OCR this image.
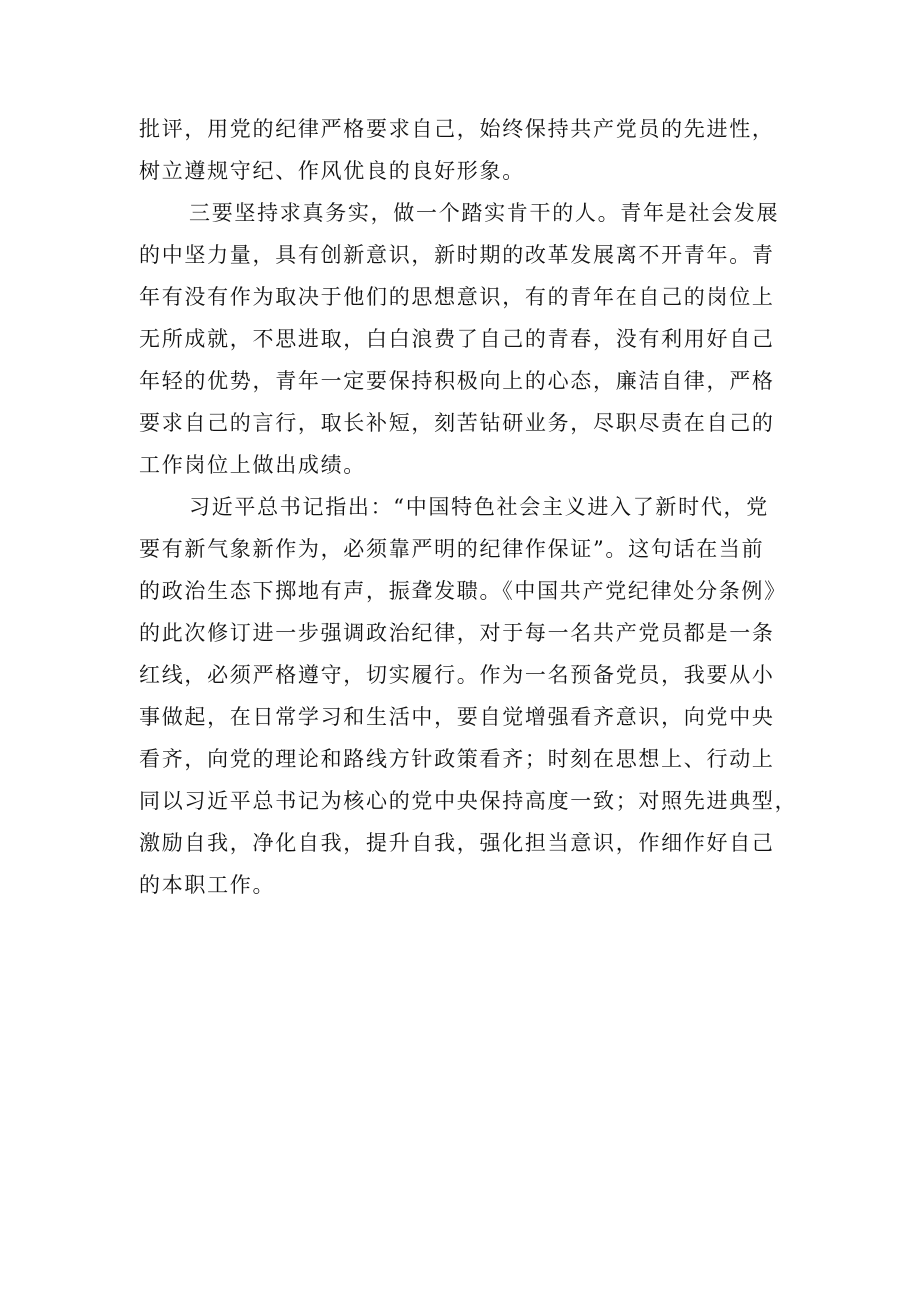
批评，用党的纪律严格要求自己，始终保持共产党员的先进性，

树立遵规守纪、作风优良的良好形象。

三要坚持求真务实，做一个踏实肯干的人。青年是社会发展

的中坚力量，具有创新意识，新时期的改革发展离不开青年。青

年有没有作为取决于他们的思想意识，有的青年在自己的岗位上

无所成就，不思进取，白白浪费了自己的青春，没有利用好自己

年轻的优势，青年一定要保持积极向上的心态，廉洁自律，严格

要求自己的言行，取长补短，刻苦钻研业务，尽职尽责在自己的

工作岗位上做出成绩。

习近平总书记指出：“中国特色社会主义进入了新时代，党

要有新气象新作为，必须靠严明的纪律作保证”。这句话在当前

的政治生态下掷地有声，振聋发聩。《中国共产党纪律处分条例》

的此次修订进一步强调政治纪律，对于每一名共产党员都是一条

红线，必须严格遵守，切实履行。作为一名预备党员，我要从小

事做起，在日常学习和生活中，要自觉增强看齐意识，向党中央

看齐，向党的理论和路线方针政策看齐；时刻在思想上、行动上

同以习近平总书记为核心的党中央保持高度一致；对照先进典型，

激励自我，净化自我，提升自我，强化担当意识，作细作好自己

的本职工作。
